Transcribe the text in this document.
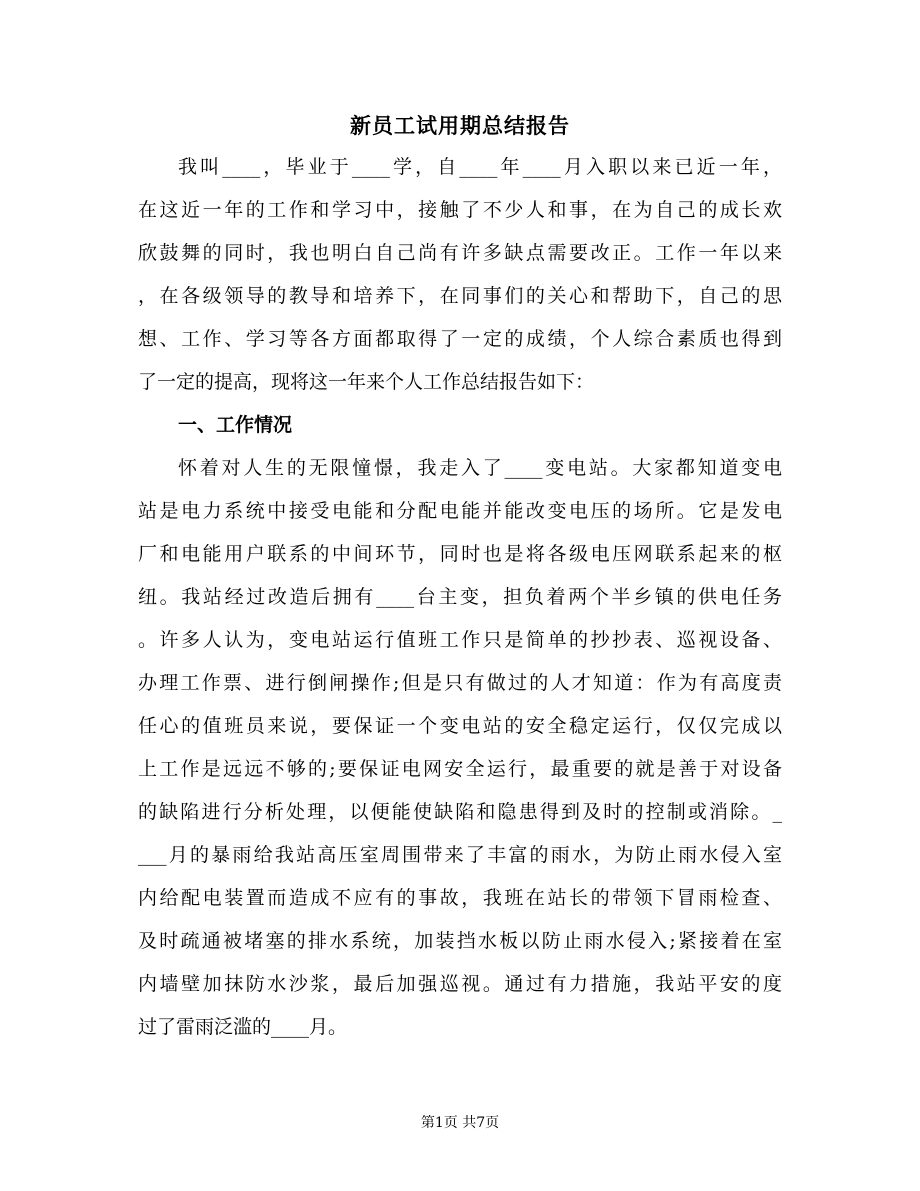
新员工试用期总结报告
我叫____，毕业于____学，自____年____月入职以来已近一年，
在这近一年的工作和学习中，接触了不少人和事，在为自己的成长欢
欣鼓舞的同时，我也明白自己尚有许多缺点需要改正。工作一年以来
，在各级领导的教导和培养下，在同事们的关心和帮助下，自己的思
想、工作、学习等各方面都取得了一定的成绩，个人综合素质也得到
了一定的提高，现将这一年来个人工作总结报告如下：
一、工作情况
怀着对人生的无限憧憬，我走入了____变电站。大家都知道变电
站是电力系统中接受电能和分配电能并能改变电压的场所。它是发电
厂和电能用户联系的中间环节，同时也是将各级电压网联系起来的枢
纽。我站经过改造后拥有____台主变，担负着两个半乡镇的供电任务
。许多人认为，变电站运行值班工作只是简单的抄抄表、巡视设备、
办理工作票、进行倒闸操作;但是只有做过的人才知道：作为有高度责
任心的值班员来说，要保证一个变电站的安全稳定运行，仅仅完成以
上工作是远远不够的;要保证电网安全运行，最重要的就是善于对设备
的缺陷进行分析处理，以便能使缺陷和隐患得到及时的控制或消除。_
___月的暴雨给我站高压室周围带来了丰富的雨水，为防止雨水侵入室
内给配电装置而造成不应有的事故，我班在站长的带领下冒雨检查、
及时疏通被堵塞的排水系统，加装挡水板以防止雨水侵入;紧接着在室
内墙壁加抹防水沙浆，最后加强巡视。通过有力措施，我站平安的度
过了雷雨泛滥的____月。
第1页 共7页
